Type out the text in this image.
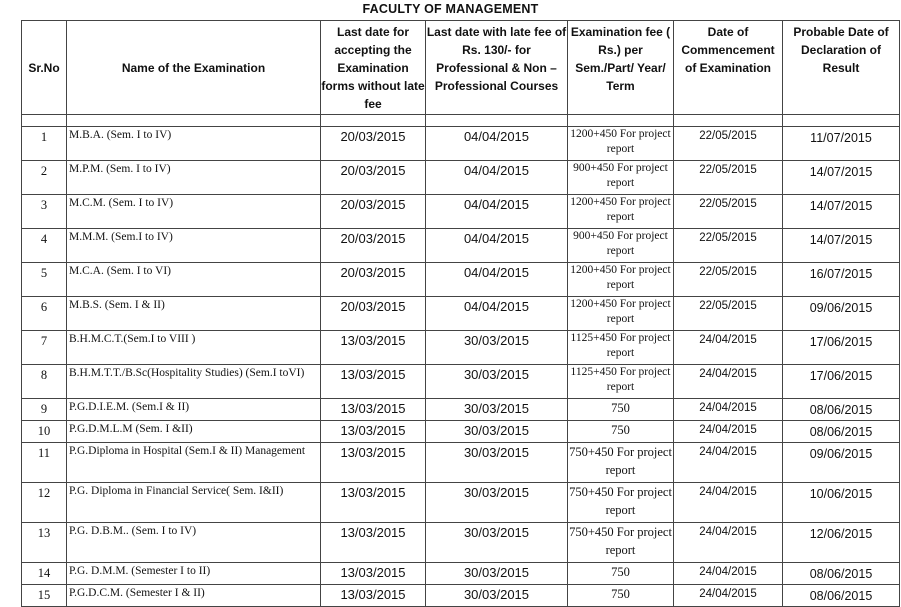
FACULTY OF MANAGEMENT
Sr.No	Name of the Examination	Last date for accepting the Examination forms without late fee	Last date with late fee of Rs. 130/- for Professional & Non – Professional Courses	Examination fee ( Rs.) per Sem./Part/ Year/ Term	Date of Commencement of Examination	Probable Date of Declaration of Result

1	M.B.A. (Sem. I to IV)	20/03/2015	04/04/2015	1200+450 For project report	22/05/2015	11/07/2015
2	M.P.M. (Sem. I to IV)	20/03/2015	04/04/2015	900+450 For project report	22/05/2015	14/07/2015
3	M.C.M. (Sem. I to IV)	20/03/2015	04/04/2015	1200+450 For project report	22/05/2015	14/07/2015
4	M.M.M. (Sem.I to IV)	20/03/2015	04/04/2015	900+450 For project report	22/05/2015	14/07/2015
5	M.C.A. (Sem. I to VI)	20/03/2015	04/04/2015	1200+450 For project report	22/05/2015	16/07/2015
6	M.B.S. (Sem. I & II)	20/03/2015	04/04/2015	1200+450 For project report	22/05/2015	09/06/2015
7	B.H.M.C.T.(Sem.I to VIII )	13/03/2015	30/03/2015	1125+450 For project report	24/04/2015	17/06/2015
8	B.H.M.T.T./B.Sc(Hospitality Studies) (Sem.I toVI)	13/03/2015	30/03/2015	1125+450 For project report	24/04/2015	17/06/2015
9	P.G.D.I.E.M. (Sem.I & II)	13/03/2015	30/03/2015	750	24/04/2015	08/06/2015
10	P.G.D.M.L.M (Sem. I &II)	13/03/2015	30/03/2015	750	24/04/2015	08/06/2015
11	P.G.Diploma in Hospital (Sem.I & II) Management	13/03/2015	30/03/2015	750+450 For project report	24/04/2015	09/06/2015
12	P.G. Diploma in Financial Service( Sem. I&II)	13/03/2015	30/03/2015	750+450 For project report	24/04/2015	10/06/2015
13	P.G. D.B.M.. (Sem. I to IV)	13/03/2015	30/03/2015	750+450 For project report	24/04/2015	12/06/2015
14	P.G. D.M.M. (Semester I to II)	13/03/2015	30/03/2015	750	24/04/2015	08/06/2015
15	P.G.D.C.M. (Semester I & II)	13/03/2015	30/03/2015	750	24/04/2015	08/06/2015
